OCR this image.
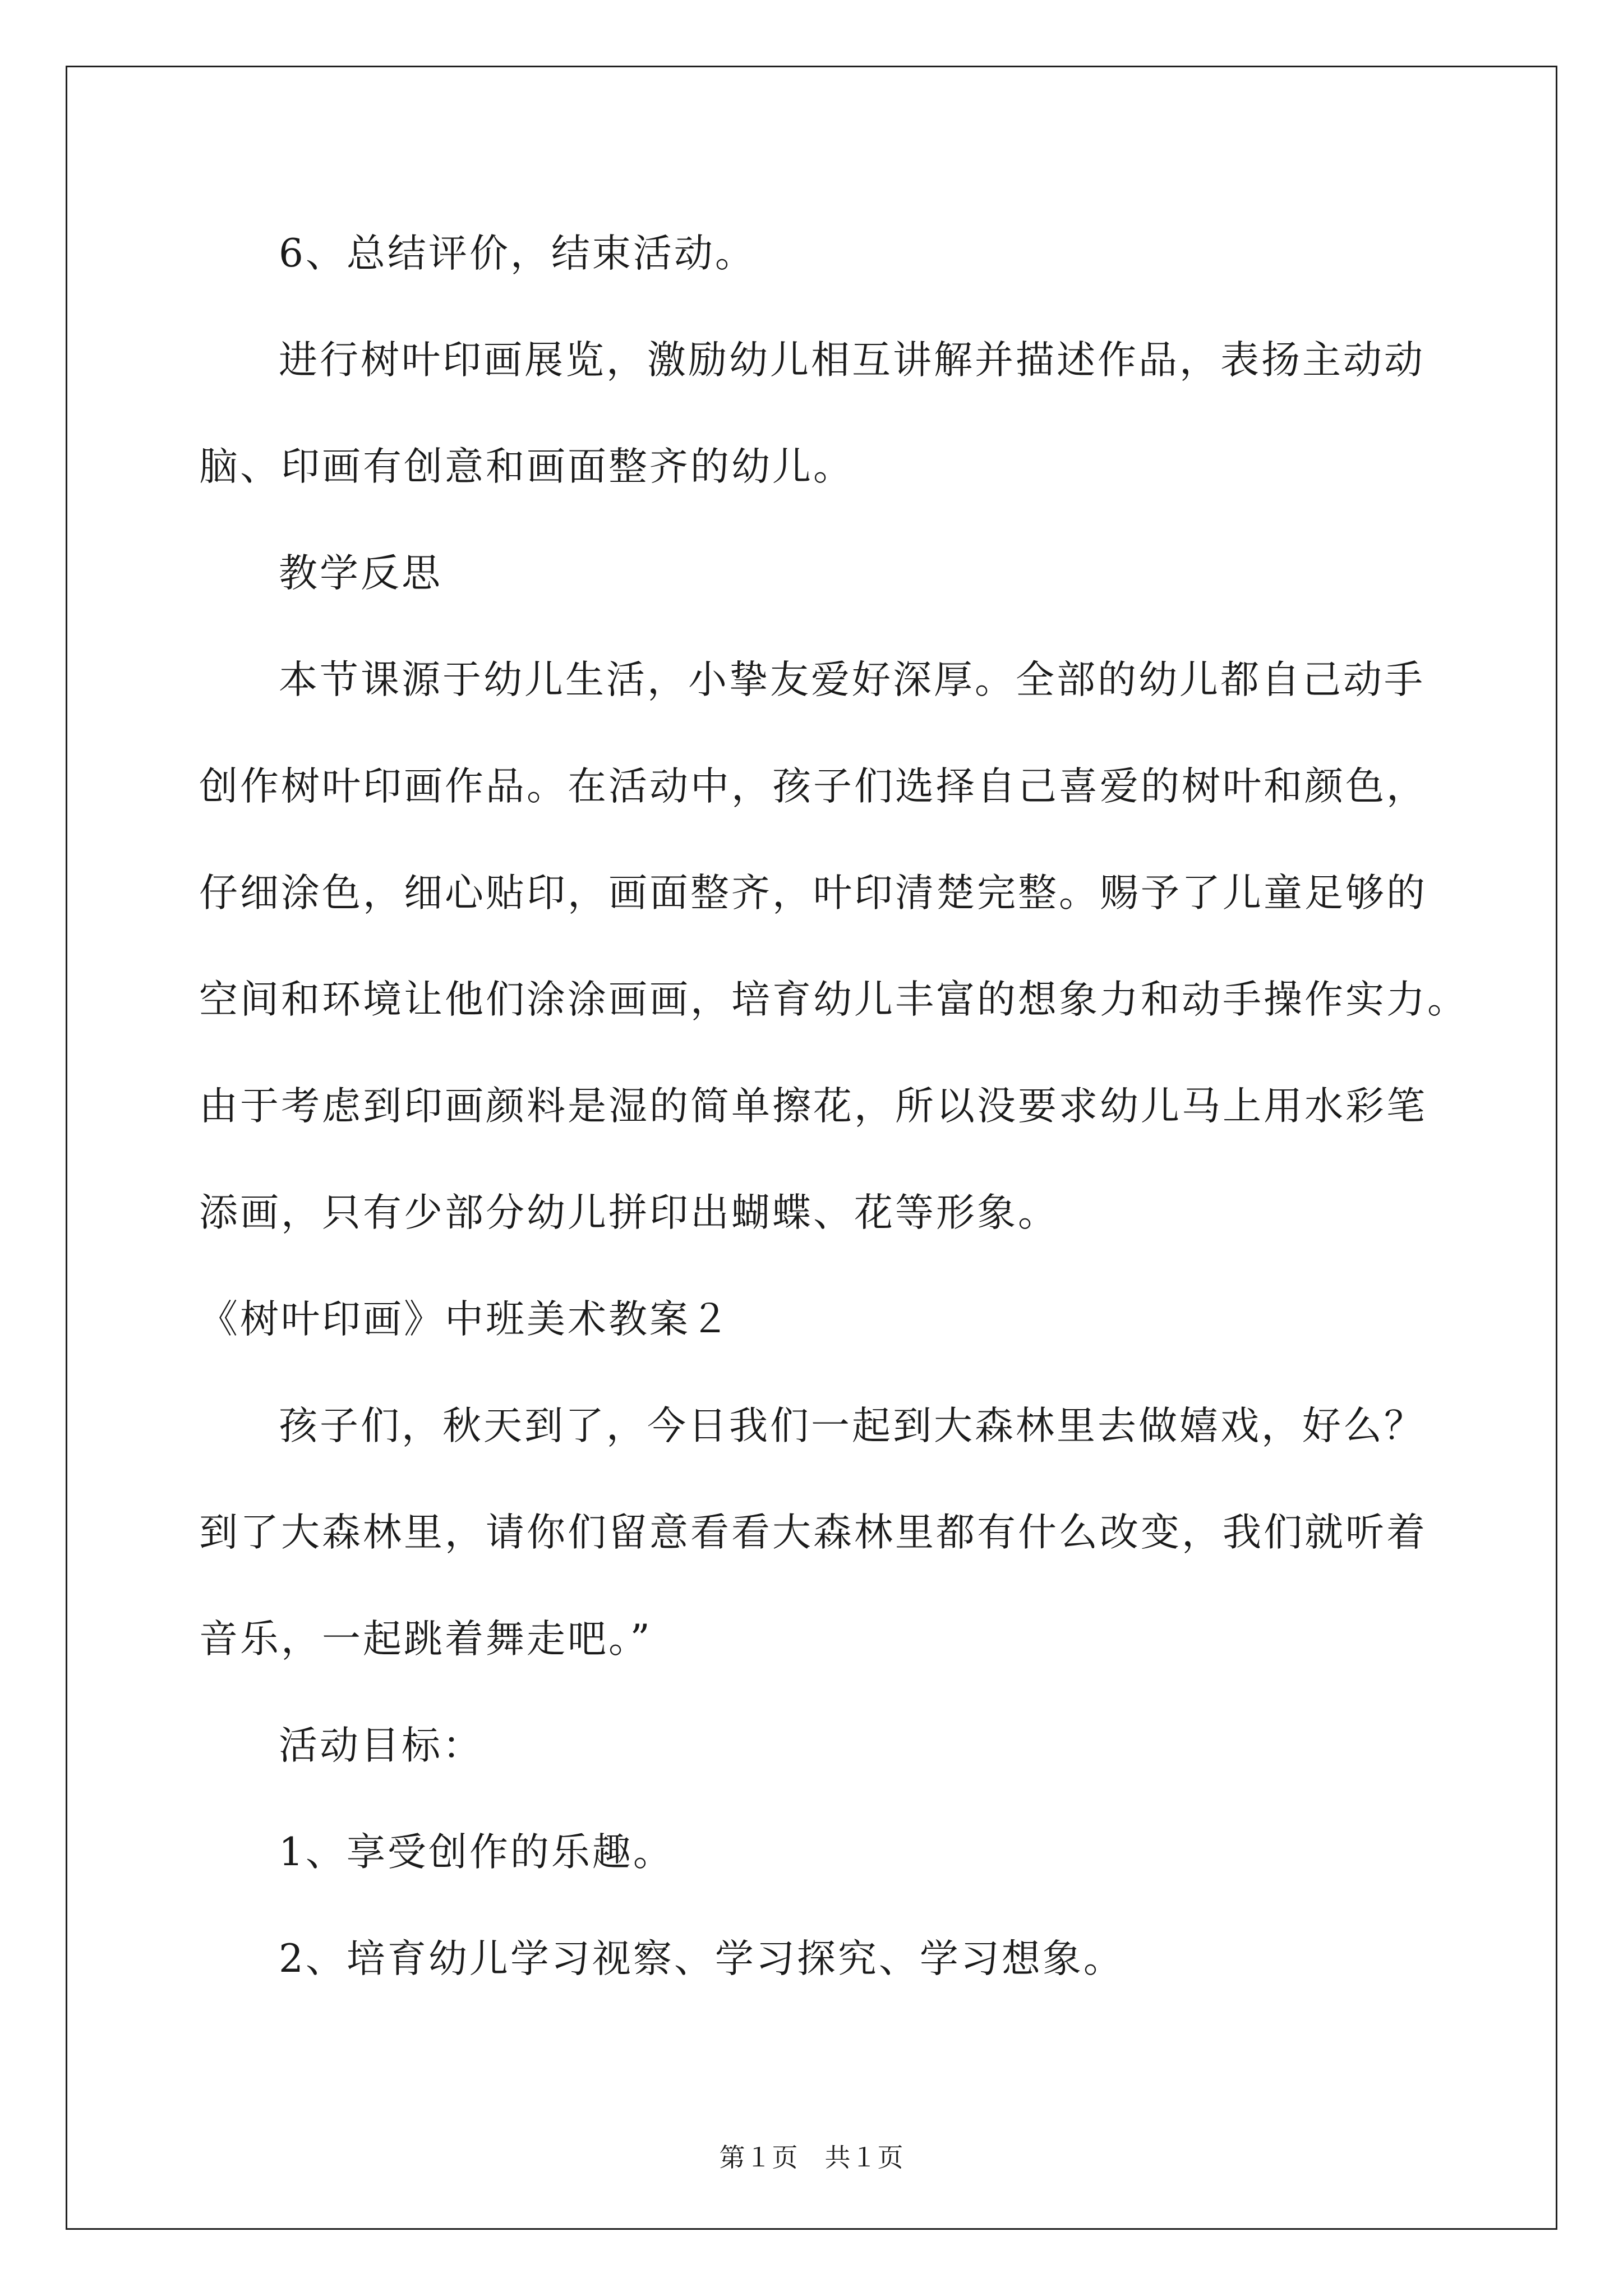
6、总结评价，结束活动。
进行树叶印画展览，激励幼儿相互讲解并描述作品，表扬主动动
脑、印画有创意和画面整齐的幼儿。
教学反思
本节课源于幼儿生活，小挚友爱好深厚。全部的幼儿都自己动手
创作树叶印画作品。在活动中，孩子们选择自己喜爱的树叶和颜色，
仔细涂色，细心贴印，画面整齐，叶印清楚完整。赐予了儿童足够的
空间和环境让他们涂涂画画，培育幼儿丰富的想象力和动手操作实力。
由于考虑到印画颜料是湿的简单擦花，所以没要求幼儿马上用水彩笔
添画，只有少部分幼儿拼印出蝴蝶、花等形象。
《树叶印画》中班美术教案２
孩子们，秋天到了，今日我们一起到大森林里去做嬉戏，好么？
到了大森林里，请你们留意看看大森林里都有什么改变，我们就听着
音乐，一起跳着舞走吧。”
活动目标：
1、享受创作的乐趣。
2、培育幼儿学习视察、学习探究、学习想象。
第１页　共１页
